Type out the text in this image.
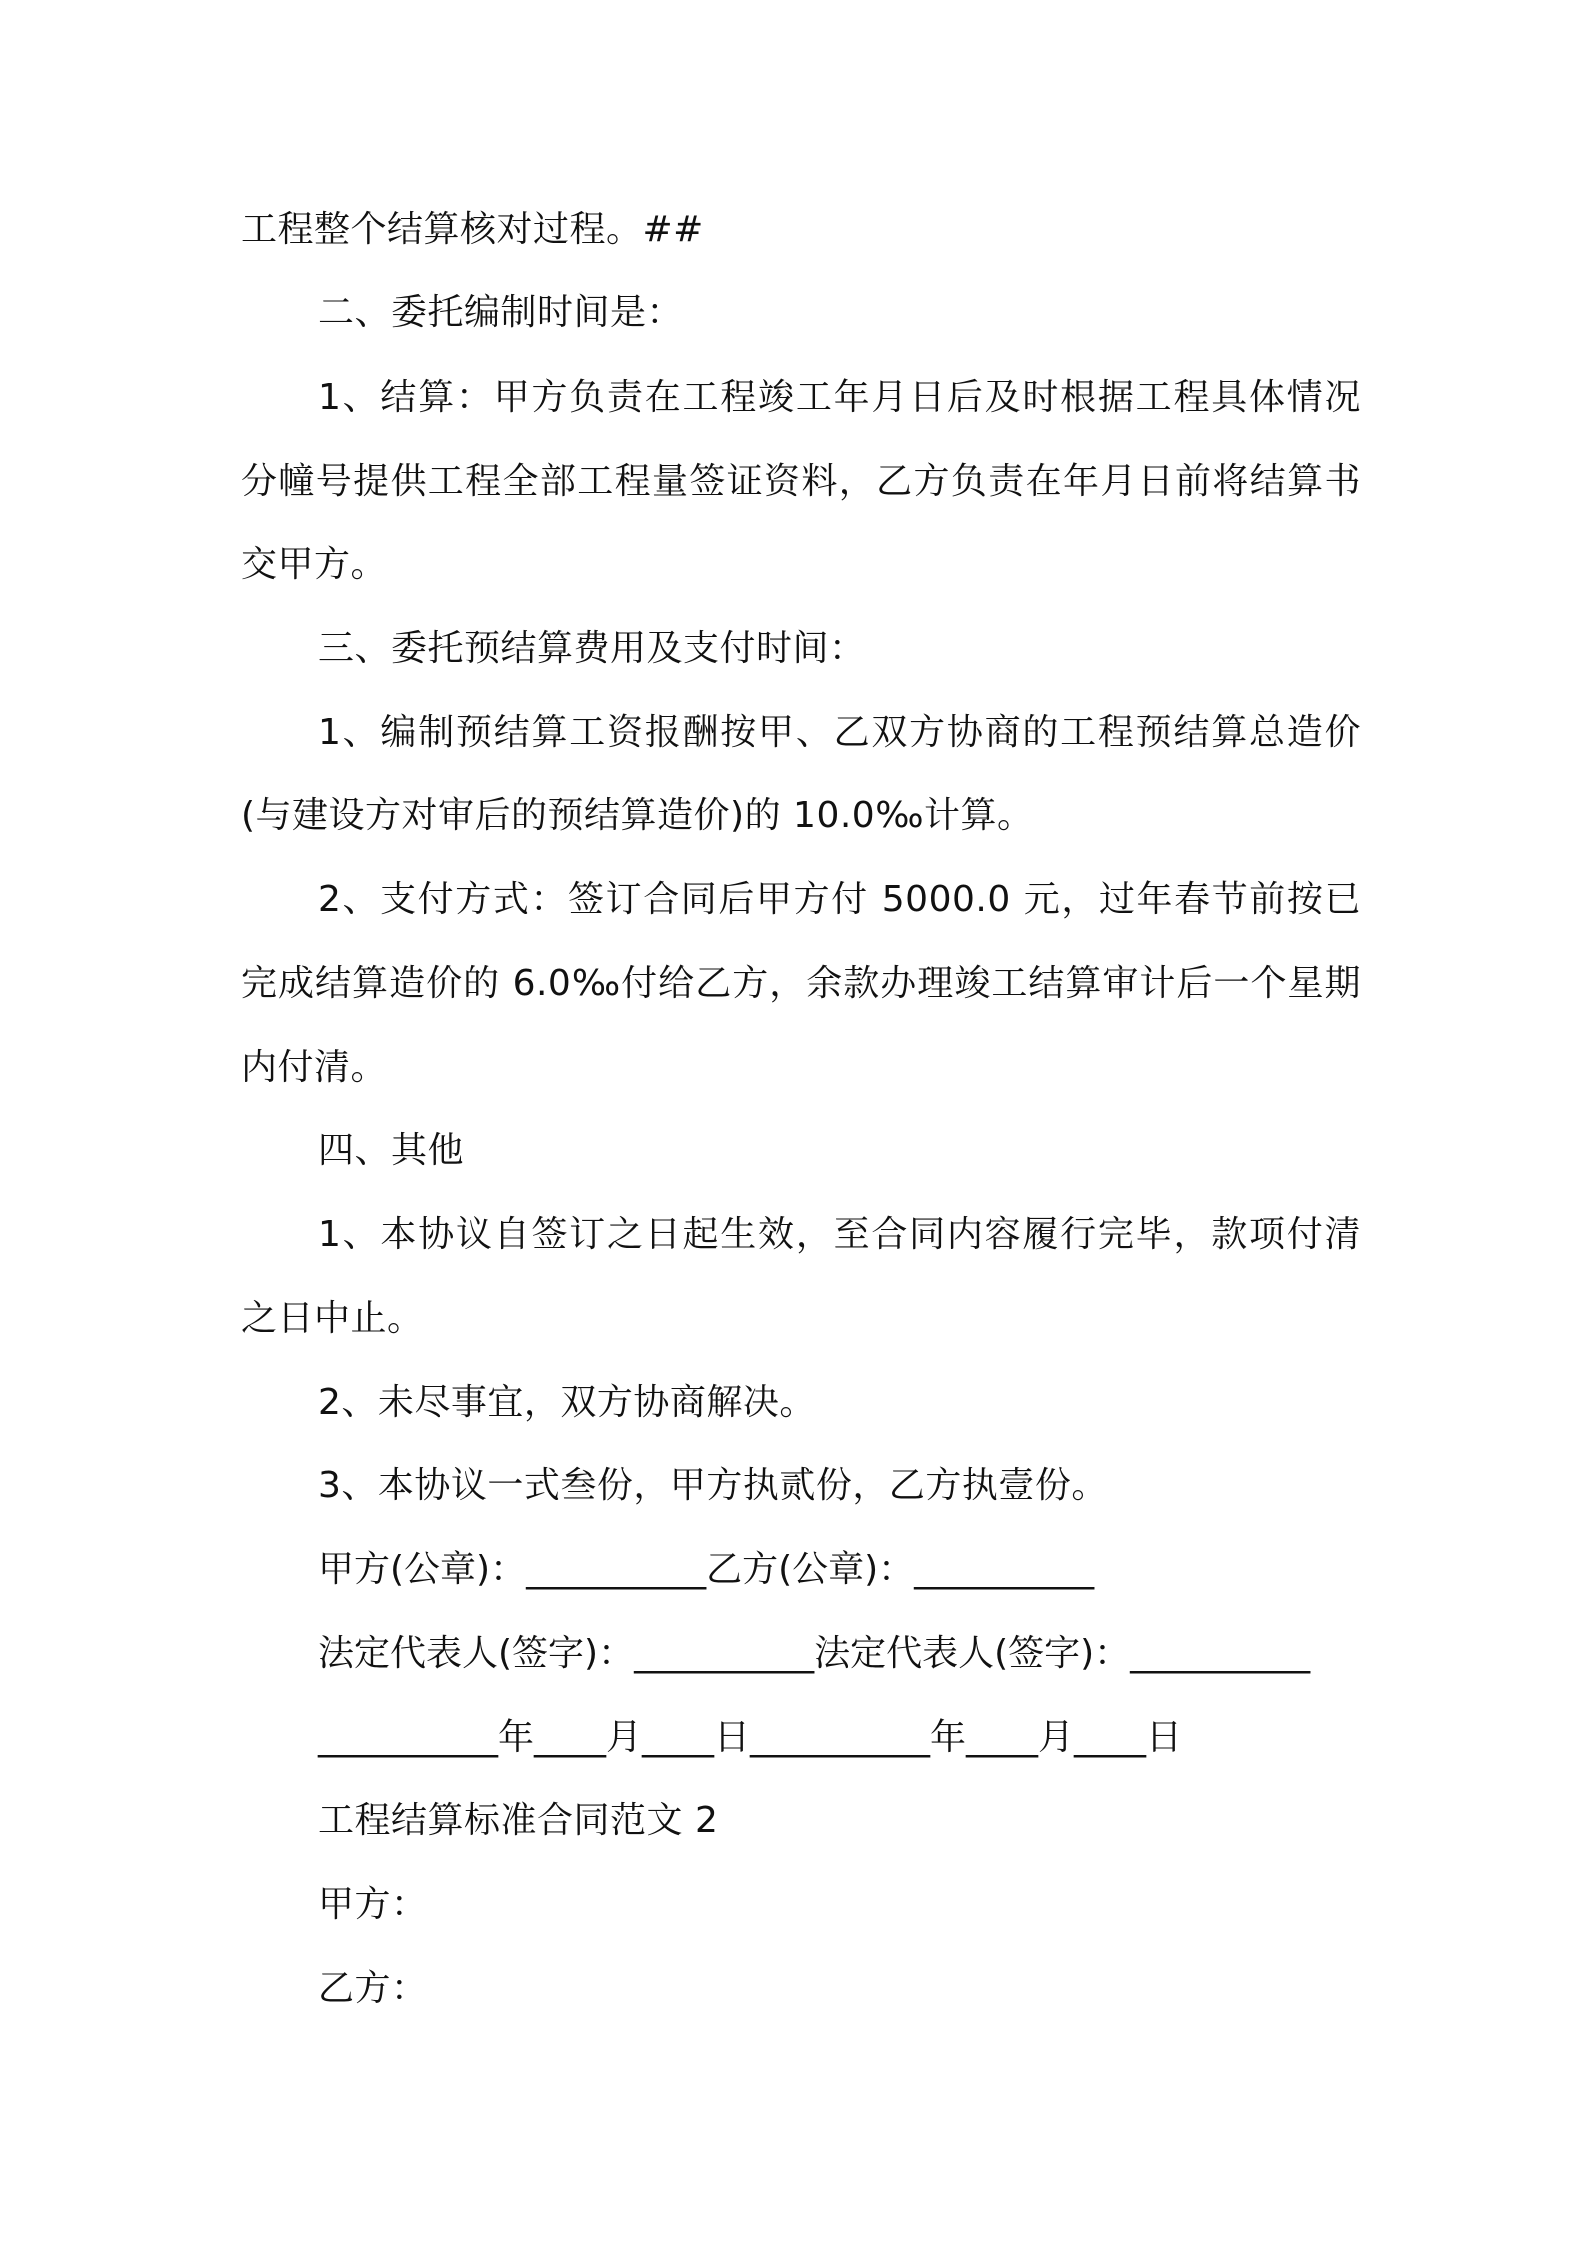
工程整个结算核对过程。##
二、委托编制时间是：
1、结算：甲方负责在工程竣工年月日后及时根据工程具体情况
分幢号提供工程全部工程量签证资料，乙方负责在年月日前将结算书
交甲方。
三、委托预结算费用及支付时间：
1、编制预结算工资报酬按甲、乙双方协商的工程预结算总造价
(与建设方对审后的预结算造价)的 10.0‰计算。
2、支付方式：签订合同后甲方付 5000.0 元，过年春节前按已
完成结算造价的 6.0‰付给乙方，余款办理竣工结算审计后一个星期
内付清。
四、其他
1、本协议自签订之日起生效，至合同内容履行完毕，款项付清
之日中止。
2、未尽事宜，双方协商解决。
3、本协议一式叁份，甲方执贰份，乙方执壹份。
甲方(公章)：__________乙方(公章)：__________
法定代表人(签字)：__________法定代表人(签字)：__________
__________年____月____日__________年____月____日
工程结算标准合同范文 2
甲方：
乙方：
